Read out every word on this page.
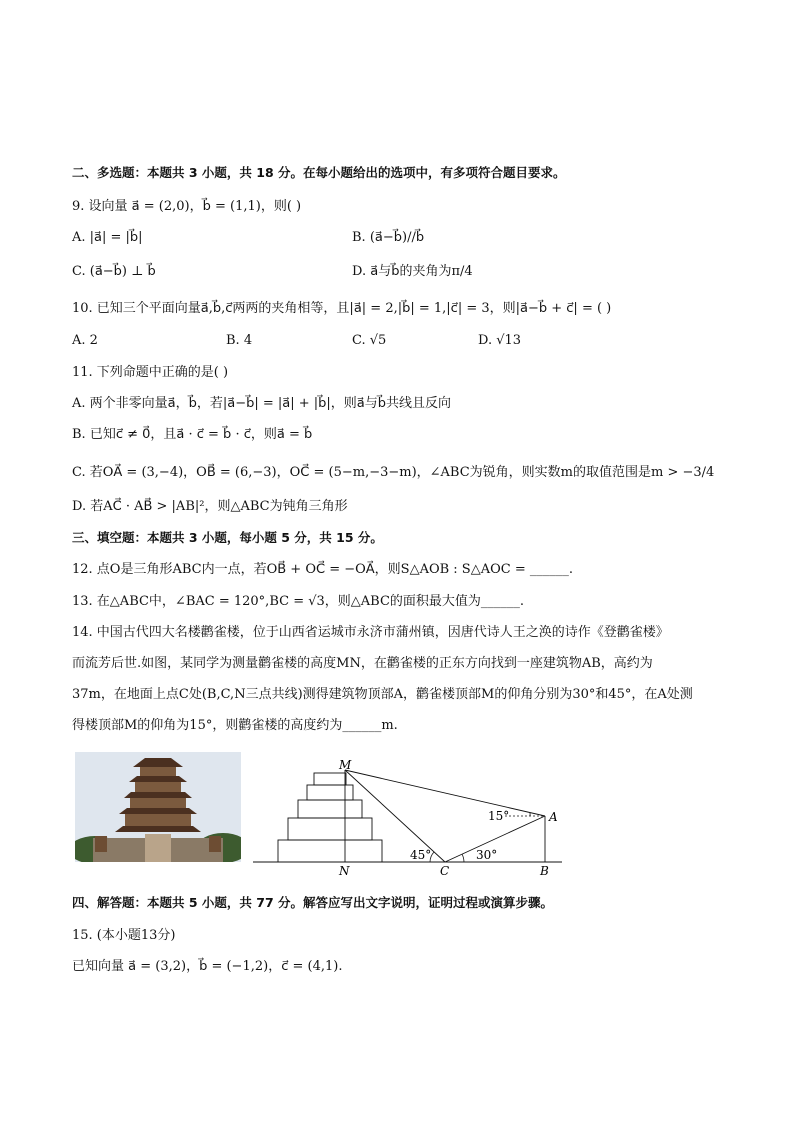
二、多选题：本题共 3 小题，共 18 分。在每小题给出的选项中，有多项符合题目要求。
9. 设向量 a⃗ = (2,0)，b⃗ = (1,1)，则( )
A. |a⃗| = |b⃗|	B. (a⃗−b⃗)//b⃗
C. (a⃗−b⃗) ⊥ b⃗	D. a⃗与b⃗的夹角为π/4
10. 已知三个平面向量a⃗,b⃗,c⃗两两的夹角相等，且|a⃗| = 2,|b⃗| = 1,|c⃗| = 3，则|a⃗−b⃗ + c⃗| = ( )
A. 2	B. 4	C. √5	D. √13
11. 下列命题中正确的是( )
A. 两个非零向量a⃗，b⃗，若|a⃗−b⃗| = |a⃗| + |b⃗|，则a⃗与b⃗共线且反向
B. 已知c⃗ ≠ 0⃗，且a⃗ · c⃗ = b⃗ · c⃗，则a⃗ = b⃗
C. 若OA⃗ = (3,−4)，OB⃗ = (6,−3)，OC⃗ = (5−m,−3−m)，∠ABC为锐角，则实数m的取值范围是m > −3/4
D. 若AC⃗ · AB⃗ > |AB|²，则△ABC为钝角三角形
三、填空题：本题共 3 小题，每小题 5 分，共 15 分。
12. 点O是三角形ABC内一点，若OB⃗ + OC⃗ = −OA⃗，则S△AOB : S△AOC = ______.
13. 在△ABC中，∠BAC = 120°,BC = √3，则△ABC的面积最大值为______.
14. 中国古代四大名楼鹳雀楼，位于山西省运城市永济市蒲州镇，因唐代诗人王之涣的诗作《登鹳雀楼》
而流芳后世.如图，某同学为测量鹳雀楼的高度MN，在鹳雀楼的正东方向找到一座建筑物AB，高约为
37m，在地面上点C处(B,C,N三点共线)测得建筑物顶部A，鹳雀楼顶部M的仰角分别为30°和45°，在A处测
得楼顶部M的仰角为15°，则鹳雀楼的高度约为______m.
M
N	C	B
A
45°	30°
15°
四、解答题：本题共 5 小题，共 77 分。解答应写出文字说明，证明过程或演算步骤。
15. (本小题13分)
已知向量 a⃗ = (3,2)，b⃗ = (−1,2)，c⃗ = (4,1).
